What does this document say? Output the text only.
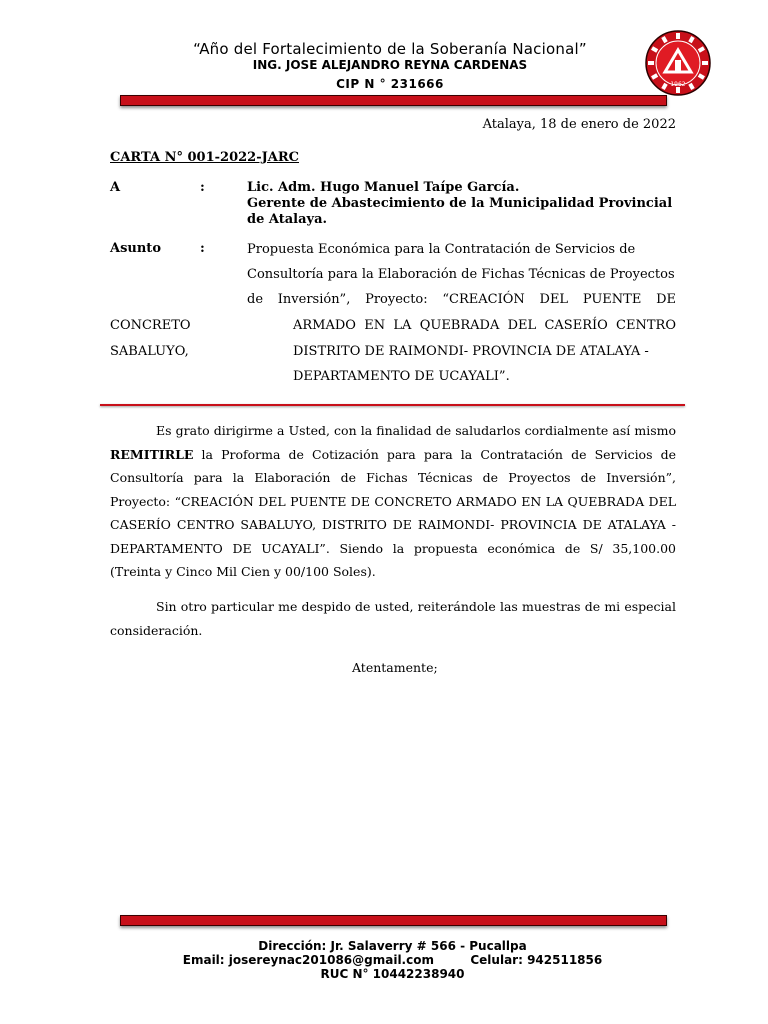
“Año del Fortalecimiento de la Soberanía Nacional”
ING. JOSE ALEJANDRO REYNA CARDENAS
CIP N ° 231666	1962
Atalaya, 18 de enero de 2022
CARTA N° 001-2022-JARC
A	:	Lic. Adm. Hugo Manuel Taípe García.
Gerente de Abastecimiento de la Municipalidad Provincial
de Atalaya.
Asunto	:	Propuesta Económica para la Contratación de Servicios de
Consultoría para la Elaboración de Fichas Técnicas de Proyectos
de Inversión”, Proyecto: “CREACIÓN DEL PUENTE DE
CONCRETO	ARMADO EN LA QUEBRADA DEL CASERÍO CENTRO
SABALUYO,	DISTRITO DE RAIMONDI- PROVINCIA DE ATALAYA -
DEPARTAMENTO DE UCAYALI”.
Es grato dirigirme a Usted, con la finalidad de saludarlos cordialmente así mismo REMITIRLE la Proforma de Cotización para para la Contratación de Servicios de Consultoría para la Elaboración de Fichas Técnicas de Proyectos de Inversión”, Proyecto: “CREACIÓN DEL PUENTE DE CONCRETO ARMADO EN LA QUEBRADA DEL CASERÍO CENTRO SABALUYO, DISTRITO DE RAIMONDI- PROVINCIA DE ATALAYA - DEPARTAMENTO DE UCAYALI”. Siendo la propuesta económica de S/ 35,100.00 (Treinta y Cinco Mil Cien y 00/100 Soles).
Sin otro particular me despido de usted, reiterándole las muestras de mi especial consideración.
Atentamente;
Dirección: Jr. Salaverry # 566 - Pucallpa
Email: josereynac201086@gmail.com	Celular: 942511856
RUC N° 10442238940
